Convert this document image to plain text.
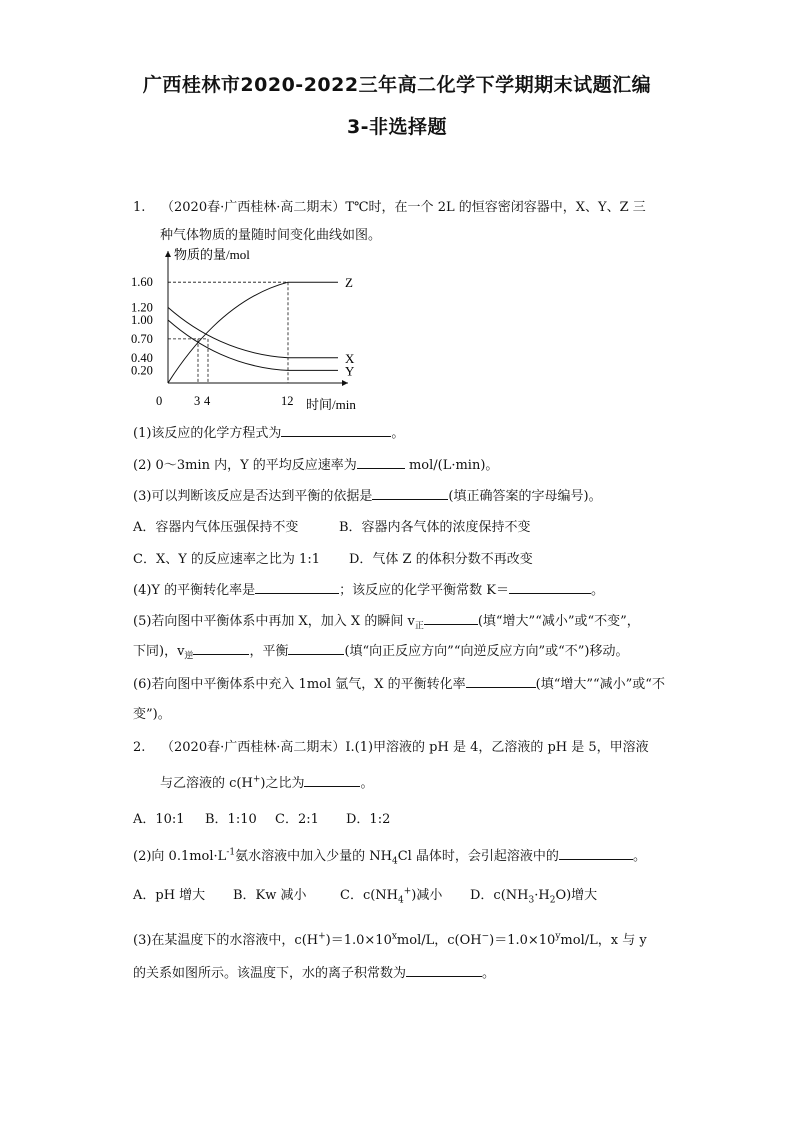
广西桂林市2020-2022三年高二化学下学期期末试题汇编
3-非选择题
1. （2020春·广西桂林·高二期末）T℃时，在一个 2L 的恒容密闭容器中，X、Y、Z 三
种气体物质的量随时间变化曲线如图。
物质的量/mol
时间/min
1.60
1.20
1.00
0.70
0.40
0.20
0	3 4	12
Z
X
Y
(1)该反应的化学方程式为	。
(2) 0～3min 内，Y 的平均反应速率为	mol/(L·min)。
(3)可以判断该反应是否达到平衡的依据是	(填正确答案的字母编号)。
A．容器内气体压强保持不变	B．容器内各气体的浓度保持不变
C．X、Y 的反应速率之比为 1:1 D．气体 Z 的体积分数不再改变
(4)Y 的平衡转化率是	；该反应的化学平衡常数 K＝	。
(5)若向图中平衡体系中再加 X，加入 X 的瞬间 $v_正$	(填“增大”“减小”或“不变”，
下同)，$v_逆$	，平衡	(填“向正反应方向”“向逆反应方向”或“不”)移动。
(6)若向图中平衡体系中充入 1mol 氩气，X 的平衡转化率	(填“增大”“减小”或“不
变”)。
2. （2020春·广西桂林·高二期末）Ⅰ.(1)甲溶液的 pH 是 4，乙溶液的 pH 是 5，甲溶液
与乙溶液的 c(H+)之比为	。
A．10:1 B．1:10 C．2:1 D．1:2
(2)向 $0.1mol\cdot L^{-1}$氨水溶液中加入少量的 $NH_4Cl$ 晶体时，会引起溶液中的	。
A．pH 增大 B．Kw 减小	C．$c(NH_4^+)$减小 D．$c(NH_3\cdot H_2O)$增大
(3)在某温度下的水溶液中，$c(H^+)=1.0\times 10^xmol/L$，$c(OH^-)=1.0\times 10^ymol/L$，x 与 y
的关系如图所示。该温度下，水的离子积常数为	。
